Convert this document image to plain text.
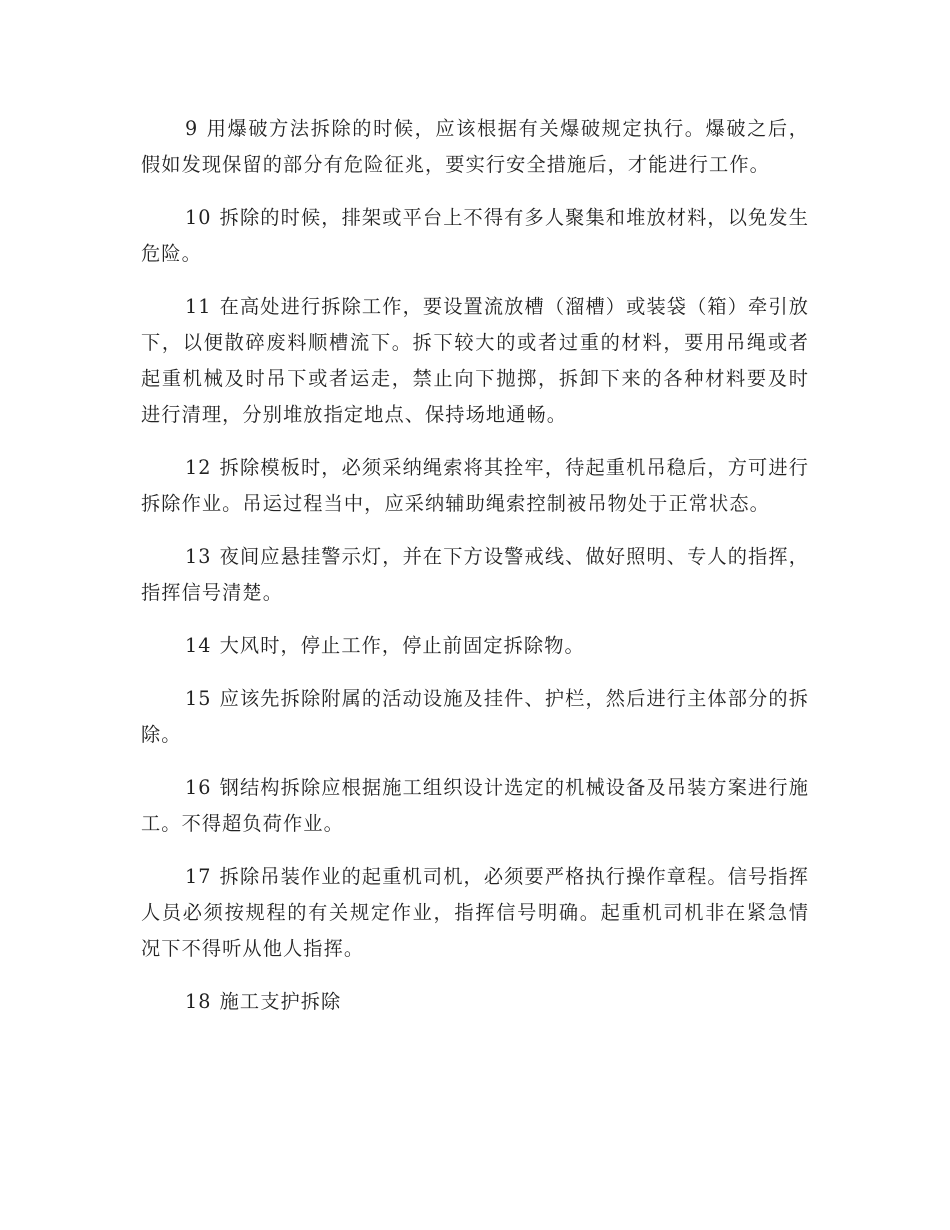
9 用爆破方法拆除的时候，应该根据有关爆破规定执行。爆破之后，假如发现保留的部分有危险征兆，要实行安全措施后，才能进行工作。

10 拆除的时候，排架或平台上不得有多人聚集和堆放材料，以免发生危险。

11 在高处进行拆除工作，要设置流放槽（溜槽）或装袋（箱）牵引放下，以便散碎废料顺槽流下。拆下较大的或者过重的材料，要用吊绳或者起重机械及时吊下或者运走，禁止向下抛掷，拆卸下来的各种材料要及时进行清理，分别堆放指定地点、保持场地通畅。

12 拆除模板时，必须采纳绳索将其拴牢，待起重机吊稳后，方可进行拆除作业。吊运过程当中，应采纳辅助绳索控制被吊物处于正常状态。

13 夜间应悬挂警示灯，并在下方设警戒线、做好照明、专人的指挥，指挥信号清楚。

14 大风时，停止工作，停止前固定拆除物。

15 应该先拆除附属的活动设施及挂件、护栏，然后进行主体部分的拆除。

16 钢结构拆除应根据施工组织设计选定的机械设备及吊装方案进行施工。不得超负荷作业。

17 拆除吊装作业的起重机司机，必须要严格执行操作章程。信号指挥人员必须按规程的有关规定作业，指挥信号明确。起重机司机非在紧急情况下不得听从他人指挥。

18 施工支护拆除
